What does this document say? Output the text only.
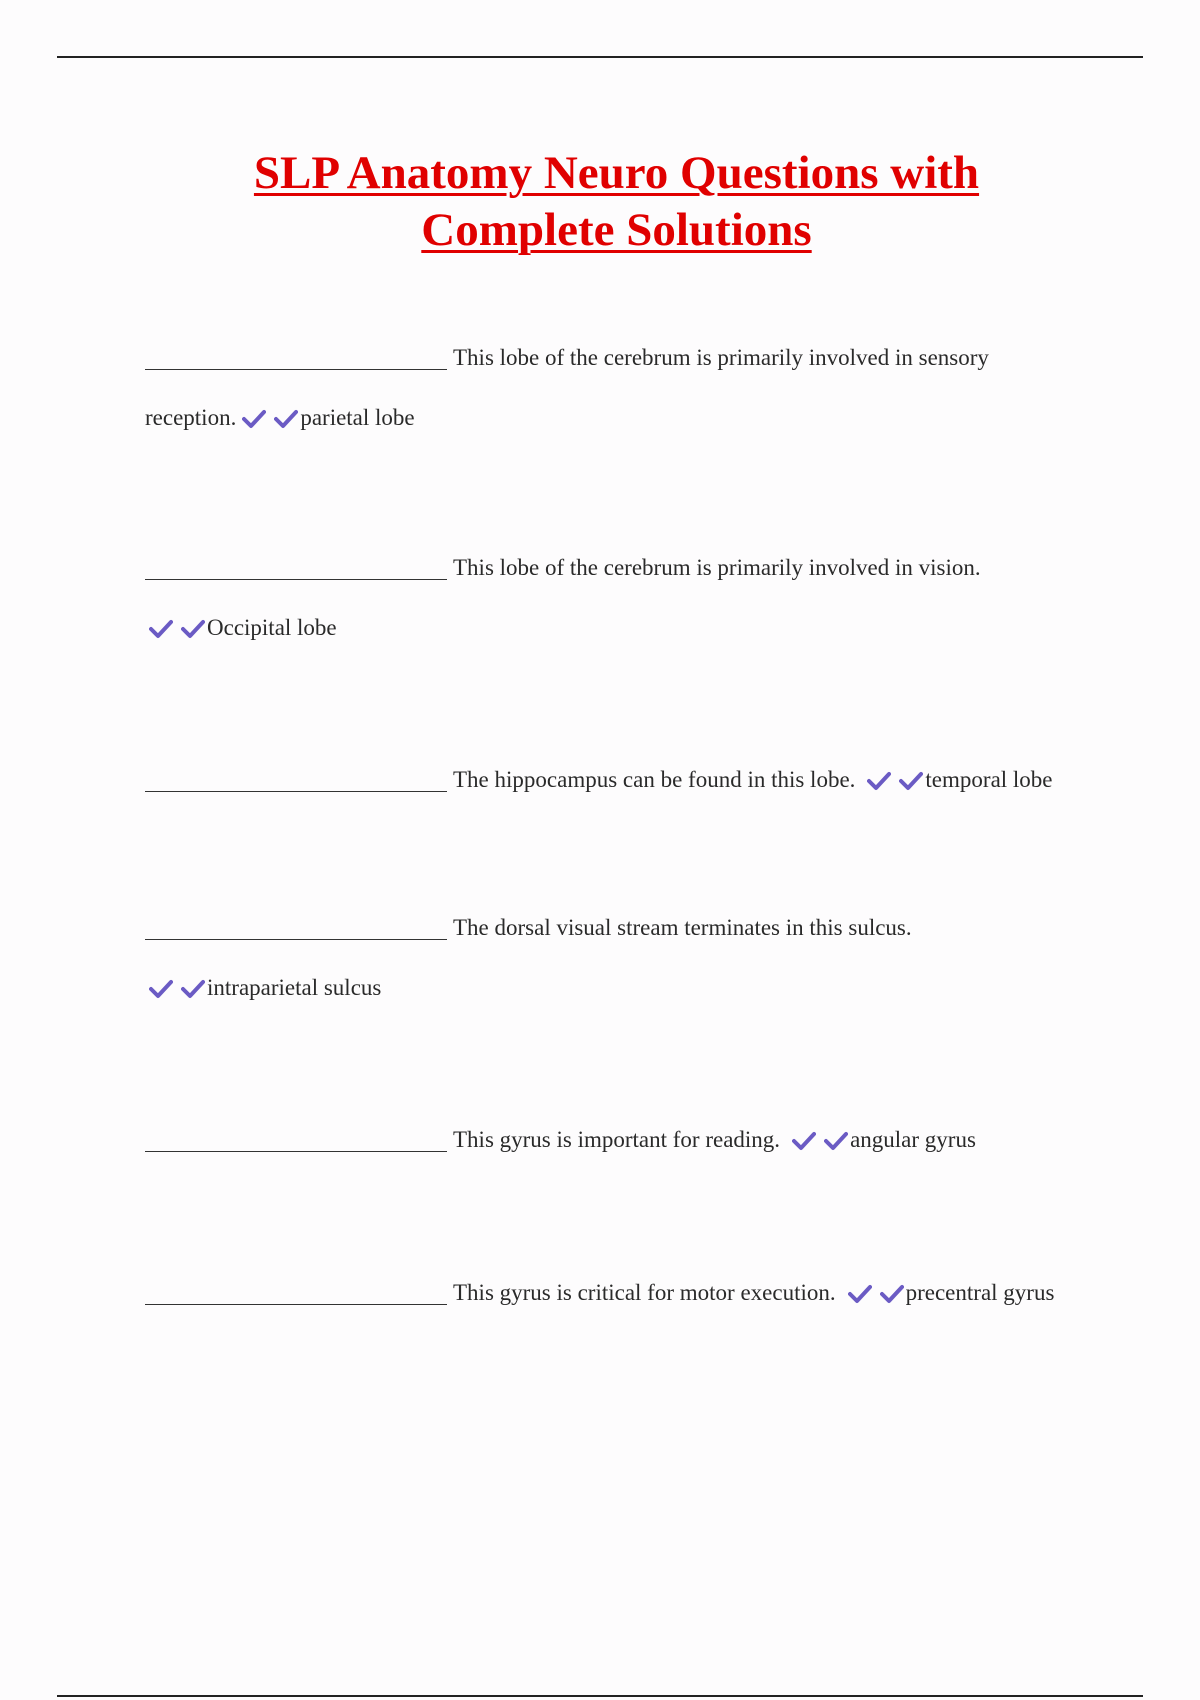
SLP Anatomy Neuro Questions with
Complete Solutions
This lobe of the cerebrum is primarily involved in sensory
reception.	parietal lobe
This lobe of the cerebrum is primarily involved in vision.
Occipital lobe
The hippocampus can be found in this lobe.	temporal lobe
The dorsal visual stream terminates in this sulcus.
intraparietal sulcus
This gyrus is important for reading.	angular gyrus
This gyrus is critical for motor execution.	precentral gyrus
